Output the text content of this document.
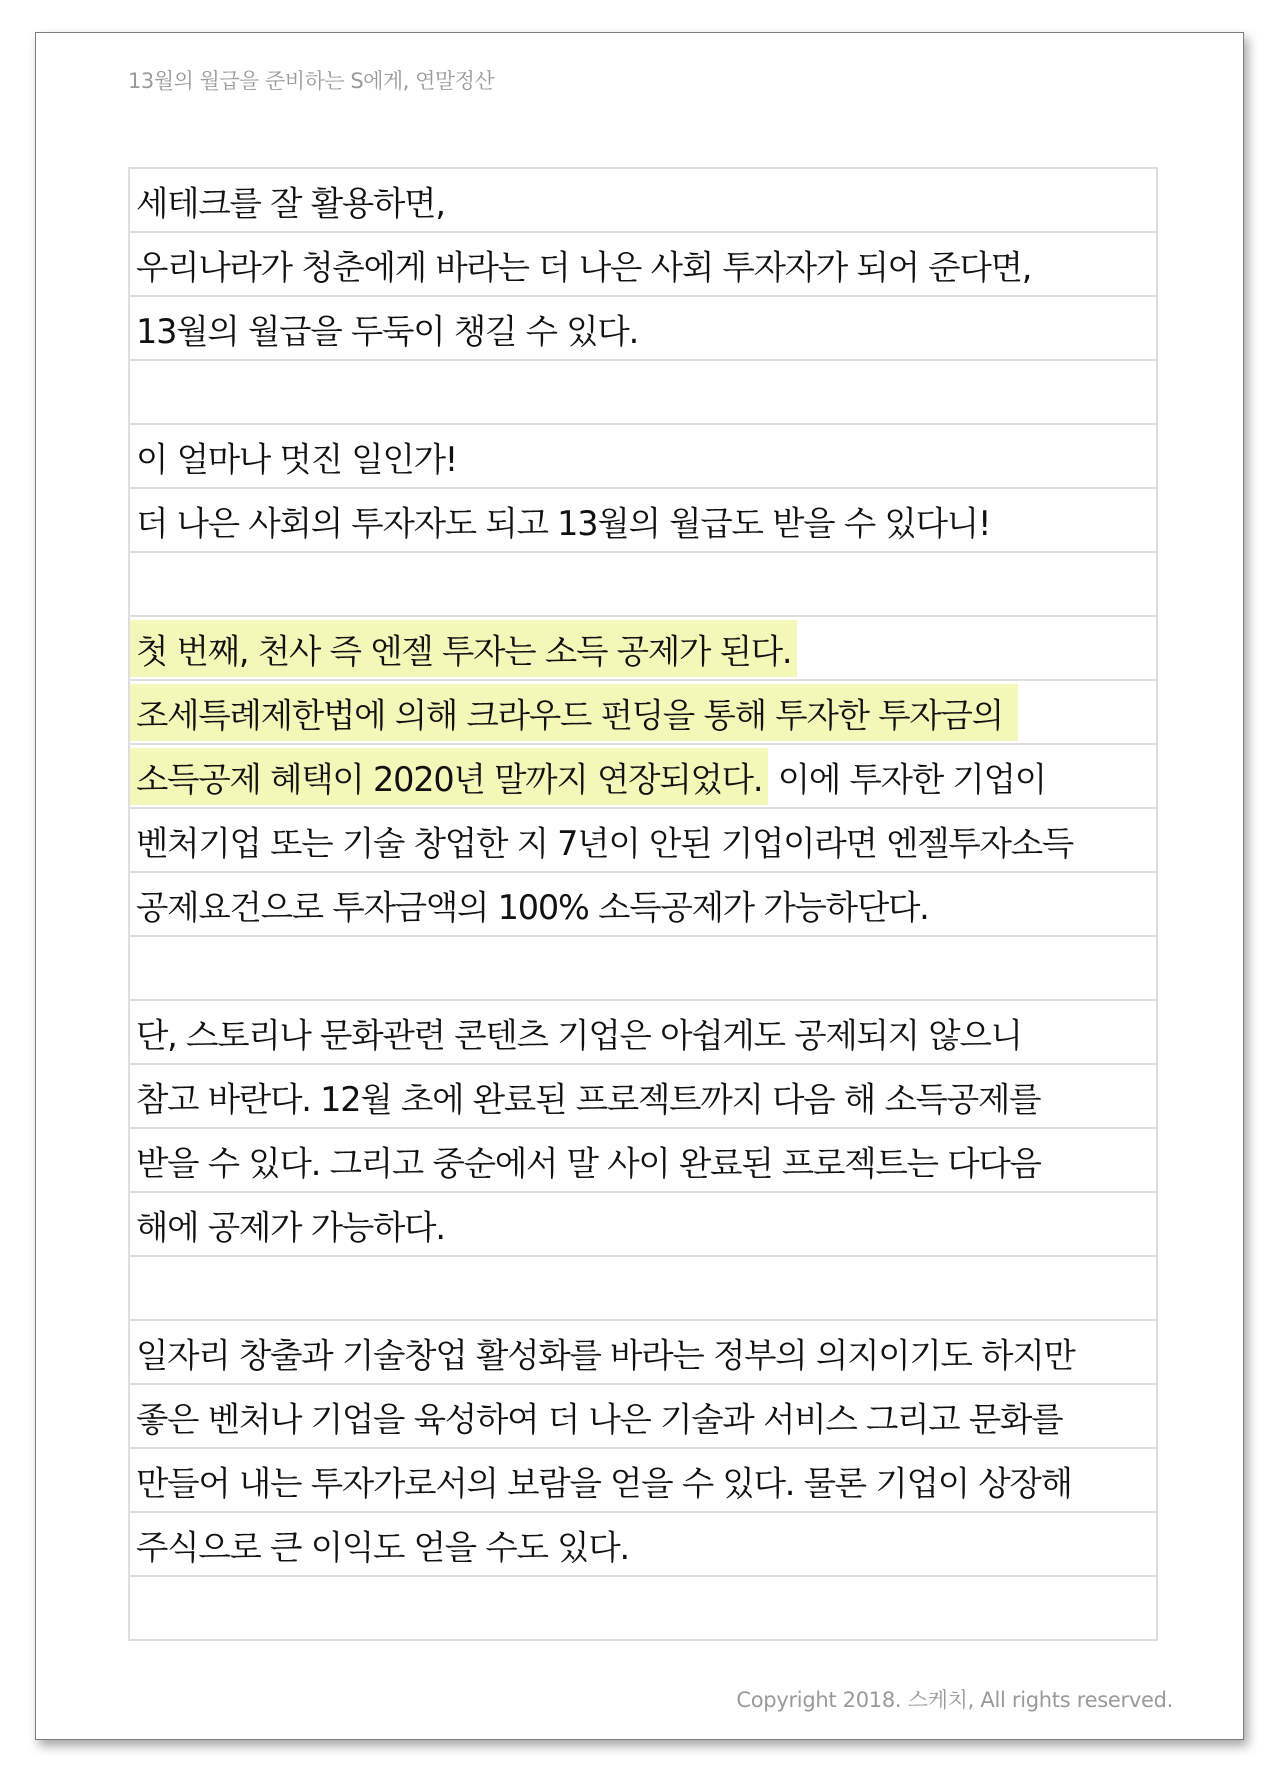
13월의 월급을 준비하는 S에게, 연말정산
세테크를 잘 활용하면,
우리나라가 청춘에게 바라는 더 나은 사회 투자자가 되어 준다면,
13월의 월급을 두둑이 챙길 수 있다.
이 얼마나 멋진 일인가!
더 나은 사회의 투자자도 되고 13월의 월급도 받을 수 있다니!
첫 번째, 천사 즉 엔젤 투자는 소득 공제가 된다.
조세특례제한법에 의해 크라우드 펀딩을 통해 투자한 투자금의
소득공제 혜택이 2020년 말까지 연장되었다. 이에 투자한 기업이
벤처기업 또는 기술 창업한 지 7년이 안된 기업이라면 엔젤투자소득
공제요건으로 투자금액의 100% 소득공제가 가능하단다.
단, 스토리나 문화관련 콘텐츠 기업은 아쉽게도 공제되지 않으니
참고 바란다. 12월 초에 완료된 프로젝트까지 다음 해 소득공제를
받을 수 있다. 그리고 중순에서 말 사이 완료된 프로젝트는 다다음
해에 공제가 가능하다.
일자리 창출과 기술창업 활성화를 바라는 정부의 의지이기도 하지만
좋은 벤처나 기업을 육성하여 더 나은 기술과 서비스 그리고 문화를
만들어 내는 투자가로서의 보람을 얻을 수 있다. 물론 기업이 상장해
주식으로 큰 이익도 얻을 수도 있다.
Copyright 2018. 스케치, All rights reserved.
